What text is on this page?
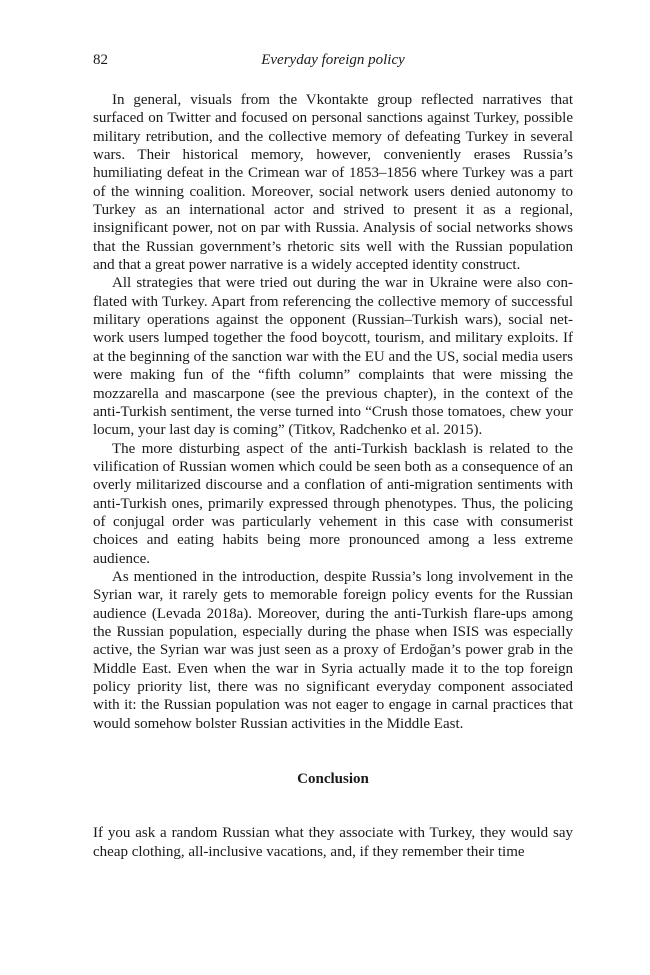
82	Everyday foreign policy

In general, visuals from the Vkontakte group reflected narratives that surfaced on Twitter and focused on personal sanctions against Turkey, possible military retribution, and the collective memory of defeating Turkey in several wars. Their historical memory, however, conveniently erases Russia’s humiliating defeat in the Crimean war of 1853–1856 where Turkey was a part of the winning coalition. Moreover, social network users denied autonomy to Turkey as an international actor and strived to present it as a regional, insignificant power, not on par with Russia. Analysis of social networks shows that the Russian government’s rhetoric sits well with the Russian population and that a great power narrative is a widely accepted identity construct.

All strategies that were tried out during the war in Ukraine were also conflated with Turkey. Apart from referencing the collective memory of successful military operations against the opponent (Russian–Turkish wars), social network users lumped together the food boycott, tourism, and military exploits. If at the beginning of the sanction war with the EU and the US, social media users were making fun of the “fifth column” complaints that were missing the mozzarella and mascarpone (see the previous chapter), in the context of the anti-Turkish sentiment, the verse turned into “Crush those tomatoes, chew your locum, your last day is coming” (Titkov, Radchenko et al. 2015).

The more disturbing aspect of the anti-Turkish backlash is related to the vilification of Russian women which could be seen both as a consequence of an overly militarized discourse and a conflation of anti-migration sentiments with anti-Turkish ones, primarily expressed through phenotypes. Thus, the policing of conjugal order was particularly vehement in this case with consumerist choices and eating habits being more pronounced among a less extreme audience.

As mentioned in the introduction, despite Russia’s long involvement in the Syrian war, it rarely gets to memorable foreign policy events for the Russian audience (Levada 2018a). Moreover, during the anti-Turkish flare-ups among the Russian population, especially during the phase when ISIS was especially active, the Syrian war was just seen as a proxy of Erdoğan’s power grab in the Middle East. Even when the war in Syria actually made it to the top foreign policy priority list, there was no significant everyday component associated with it: the Russian population was not eager to engage in carnal practices that would somehow bolster Russian activities in the Middle East.

Conclusion

If you ask a random Russian what they associate with Turkey, they would say cheap clothing, all-inclusive vacations, and, if they remember their time
